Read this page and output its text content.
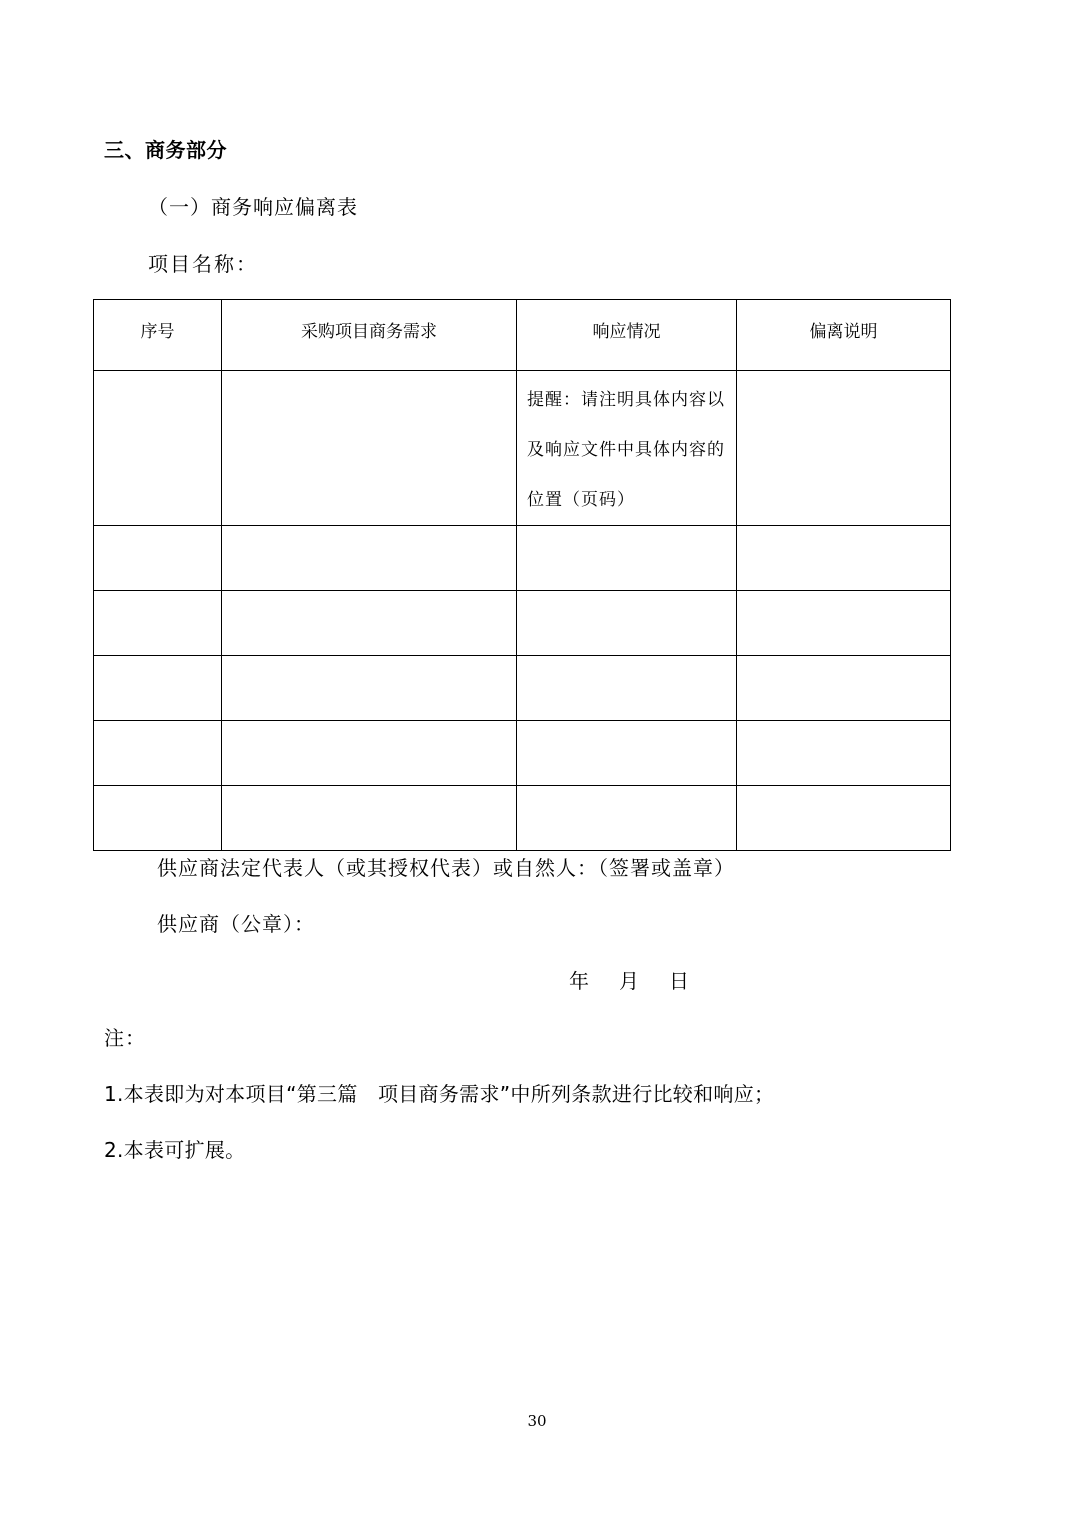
三、商务部分
（一）商务响应偏离表
项目名称：
序号	采购项目商务需求	响应情况	偏离说明

		提醒：请注明具体内容以及响应文件中具体内容的位置（页码）	

供应商法定代表人（或其授权代表）或自然人：（签署或盖章）
供应商（公章）：
年 月 日
注：
1.本表即为对本项目“第三篇　项目商务需求”中所列条款进行比较和响应；
2.本表可扩展。
30
